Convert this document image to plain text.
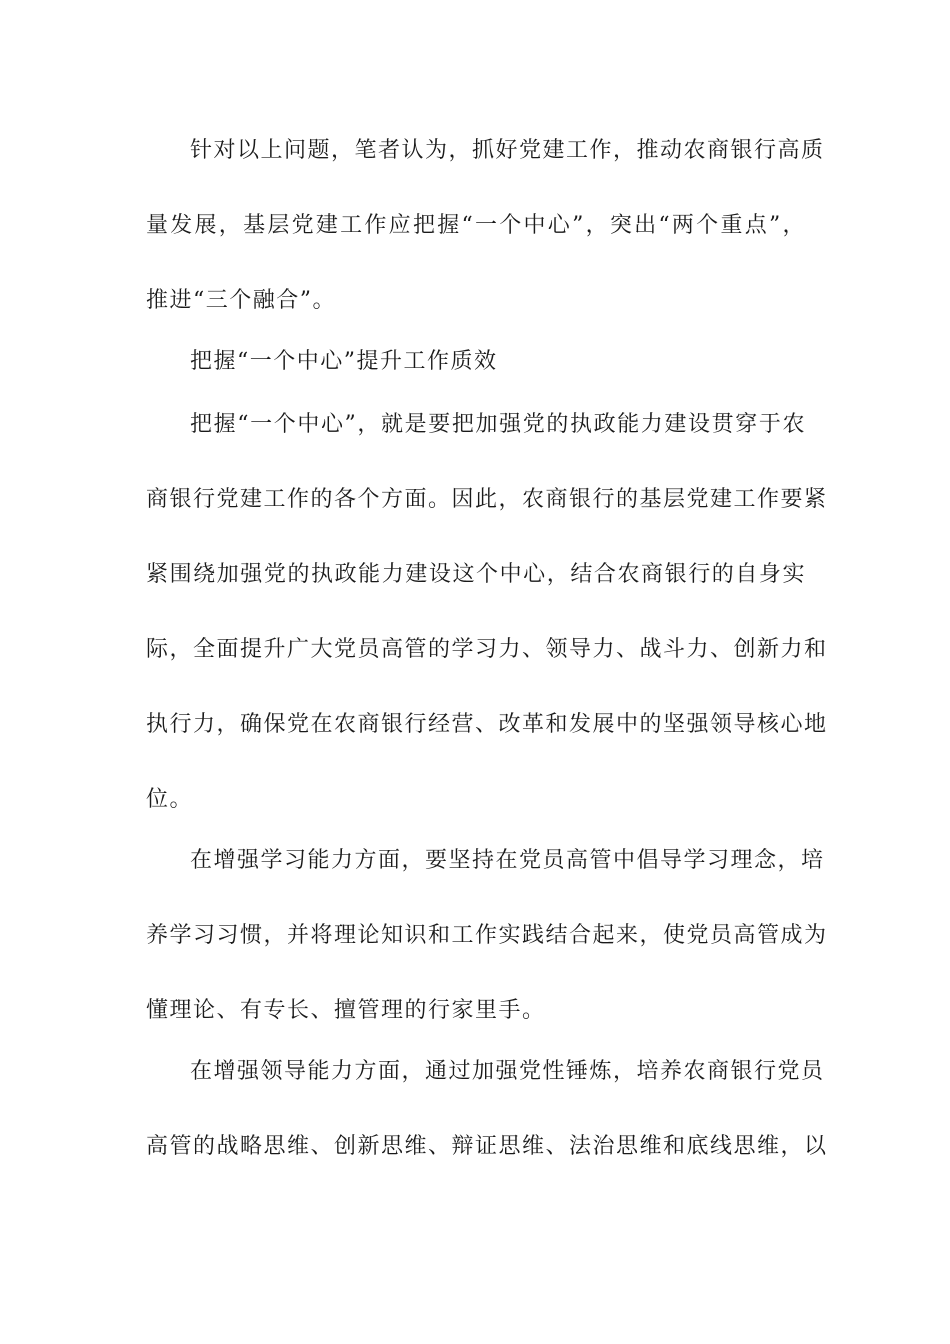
针对以上问题，笔者认为，抓好党建工作，推动农商银行高质
量发展，基层党建工作应把握“一个中心”，突出“两个重点”，
推进“三个融合”。
把握“一个中心”提升工作质效
把握“一个中心”，就是要把加强党的执政能力建设贯穿于农
商银行党建工作的各个方面。因此，农商银行的基层党建工作要紧
紧围绕加强党的执政能力建设这个中心，结合农商银行的自身实
际，全面提升广大党员高管的学习力、领导力、战斗力、创新力和
执行力，确保党在农商银行经营、改革和发展中的坚强领导核心地
位。
在增强学习能力方面，要坚持在党员高管中倡导学习理念，培
养学习习惯，并将理论知识和工作实践结合起来，使党员高管成为
懂理论、有专长、擅管理的行家里手。
在增强领导能力方面，通过加强党性锤炼，培养农商银行党员
高管的战略思维、创新思维、辩证思维、法治思维和底线思维，以
